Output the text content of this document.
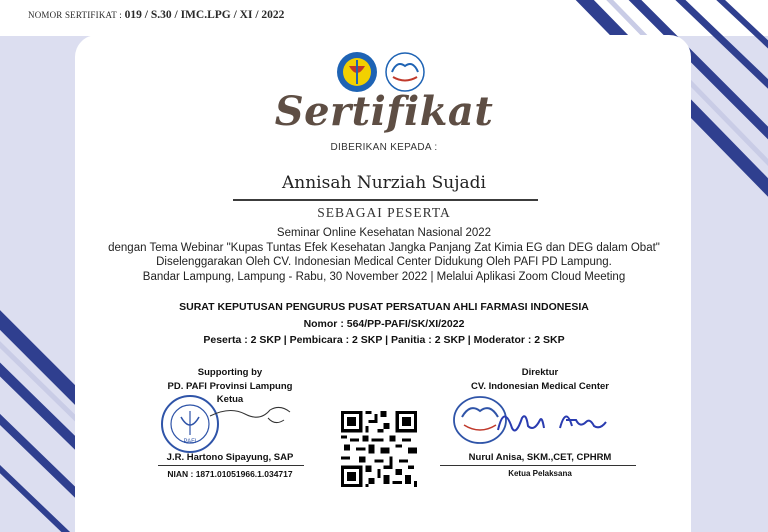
NOMOR SERTIFIKAT : 019 / S.30 / IMC.LPG / XI / 2022
Sertifikat
DIBERIKAN KEPADA :
Annisah Nurziah Sujadi
SEBAGAI PESERTA
Seminar Online Kesehatan Nasional 2022
dengan Tema Webinar "Kupas Tuntas Efek Kesehatan Jangka Panjang Zat Kimia EG dan DEG dalam Obat"
Diselenggarakan Oleh CV. Indonesian Medical Center Didukung Oleh PAFI PD Lampung.
Bandar Lampung, Lampung - Rabu, 30 November 2022 | Melalui Aplikasi Zoom Cloud Meeting
SURAT KEPUTUSAN PENGURUS PUSAT PERSATUAN AHLI FARMASI INDONESIA
Nomor : 564/PP-PAFI/SK/XI/2022
Peserta : 2 SKP | Pembicara : 2 SKP | Panitia : 2 SKP | Moderator : 2 SKP
Supporting by
PD. PAFI Provinsi Lampung
Ketua
PAFI
J.R. Hartono Sipayung, SAP
NIAN : 1871.01051966.1.034717
Direktur
CV. Indonesian Medical Center
Nurul Anisa, SKM.,CET, CPHRM
Ketua Pelaksana
